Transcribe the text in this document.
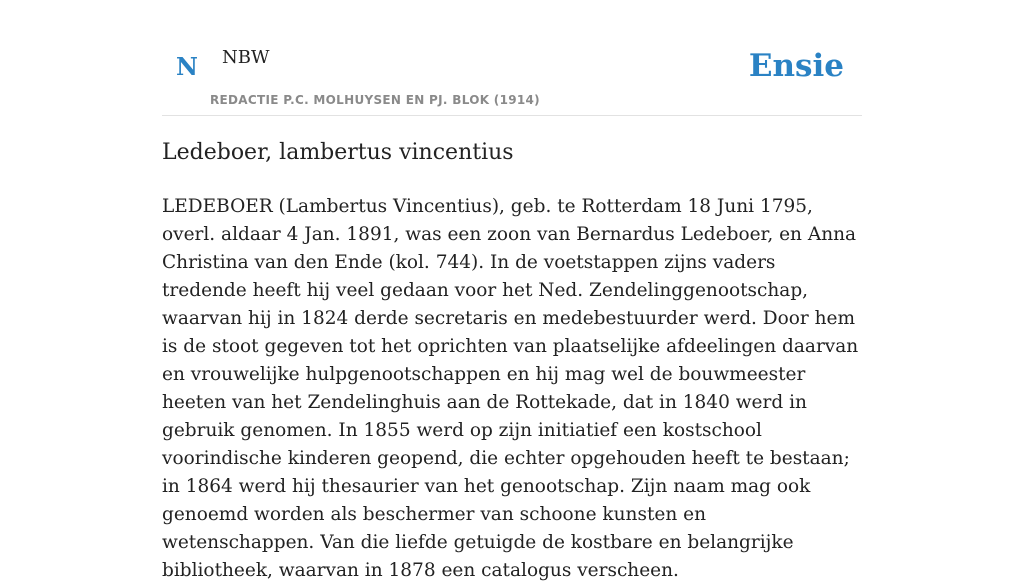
N NBW
REDACTIE P.C. MOLHUYSEN EN PJ. BLOK (1914)
Ensie
Ledeboer, lambertus vincentius

LEDEBOER (Lambertus Vincentius), geb. te Rotterdam 18 Juni 1795, overl. aldaar 4 Jan. 1891, was een zoon van Bernardus Ledeboer, en Anna Christina van den Ende (kol. 744). In de voetstappen zijns vaders tredende heeft hij veel gedaan voor het Ned. Zendelinggenootschap, waarvan hij in 1824 derde secretaris en medebestuurder werd. Door hem is de stoot gegeven tot het oprichten van plaatselijke afdeelingen daarvan en vrouwelijke hulpgenootschappen en hij mag wel de bouwmeester heeten van het Zendelinghuis aan de Rottekade, dat in 1840 werd in gebruik genomen. In 1855 werd op zijn initiatief een kostschool voorindische kinderen geopend, die echter opgehouden heeft te bestaan; in 1864 werd hij thesaurier van het genootschap. Zijn naam mag ook genoemd worden als beschermer van schoone kunsten en wetenschappen. Van die liefde getuigde de kostbare en belangrijke bibliotheek, waarvan in 1878 een catalogus verscheen.
